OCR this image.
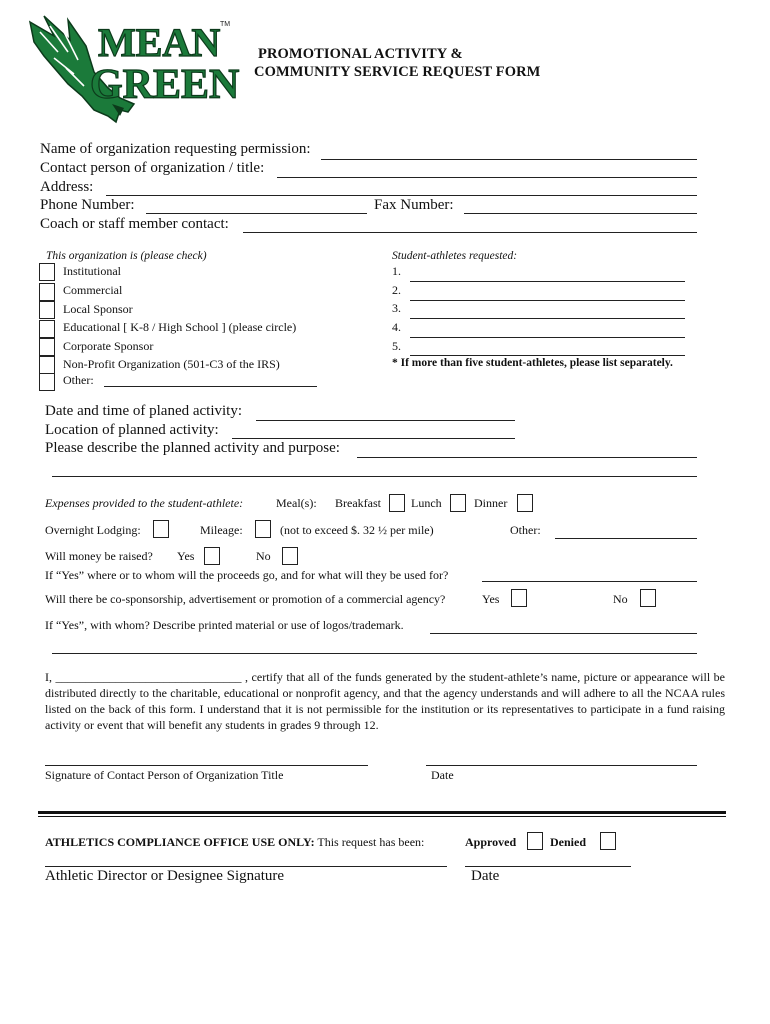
MEAN
GREEN
TM
PROMOTIONAL ACTIVITY &
COMMUNITY SERVICE REQUEST FORM
Name of organization requesting permission:
Contact person of organization / title:
Address:
Phone Number:	Fax Number:
Coach or staff member contact:
This organization is (please check)
Institutional
Commercial
Local Sponsor
Educational [ K-8 / High School ] (please circle)
Corporate Sponsor
Non-Profit Organization (501-C3 of the IRS)
Other:
Student-athletes requested:
1.
2.
3.
4.
5.
* If more than five student-athletes, please list separately.
Date and time of planed activity:
Location of planned activity:
Please describe the planned activity and purpose:
Expenses provided to the student-athlete:	Meal(s): Breakfast	Lunch	Dinner
Overnight Lodging:	Mileage:	(not to exceed $. 32 ½ per mile)	Other:
Will money be raised? Yes	No
If “Yes” where or to whom will the proceeds go, and for what will they be used for?
Will there be co-sponsorship, advertisement or promotion of a commercial agency?	Yes	No
If “Yes”, with whom? Describe printed material or use of logos/trademark.
I, _______________________________ , certify that all of the funds generated by the student-athlete’s name, picture or appearance will be distributed directly to the charitable, educational or nonprofit agency, and that the agency understands and will adhere to all the NCAA rules listed on the back of this form. I understand that it is not permissible for the institution or its representatives to participate in a fund raising activity or event that will benefit any students in grades 9 through 12.
Signature of Contact Person of Organization Title	Date
ATHLETICS COMPLIANCE OFFICE USE ONLY: This request has been:	Approved	Denied
Athletic Director or Designee Signature	Date
